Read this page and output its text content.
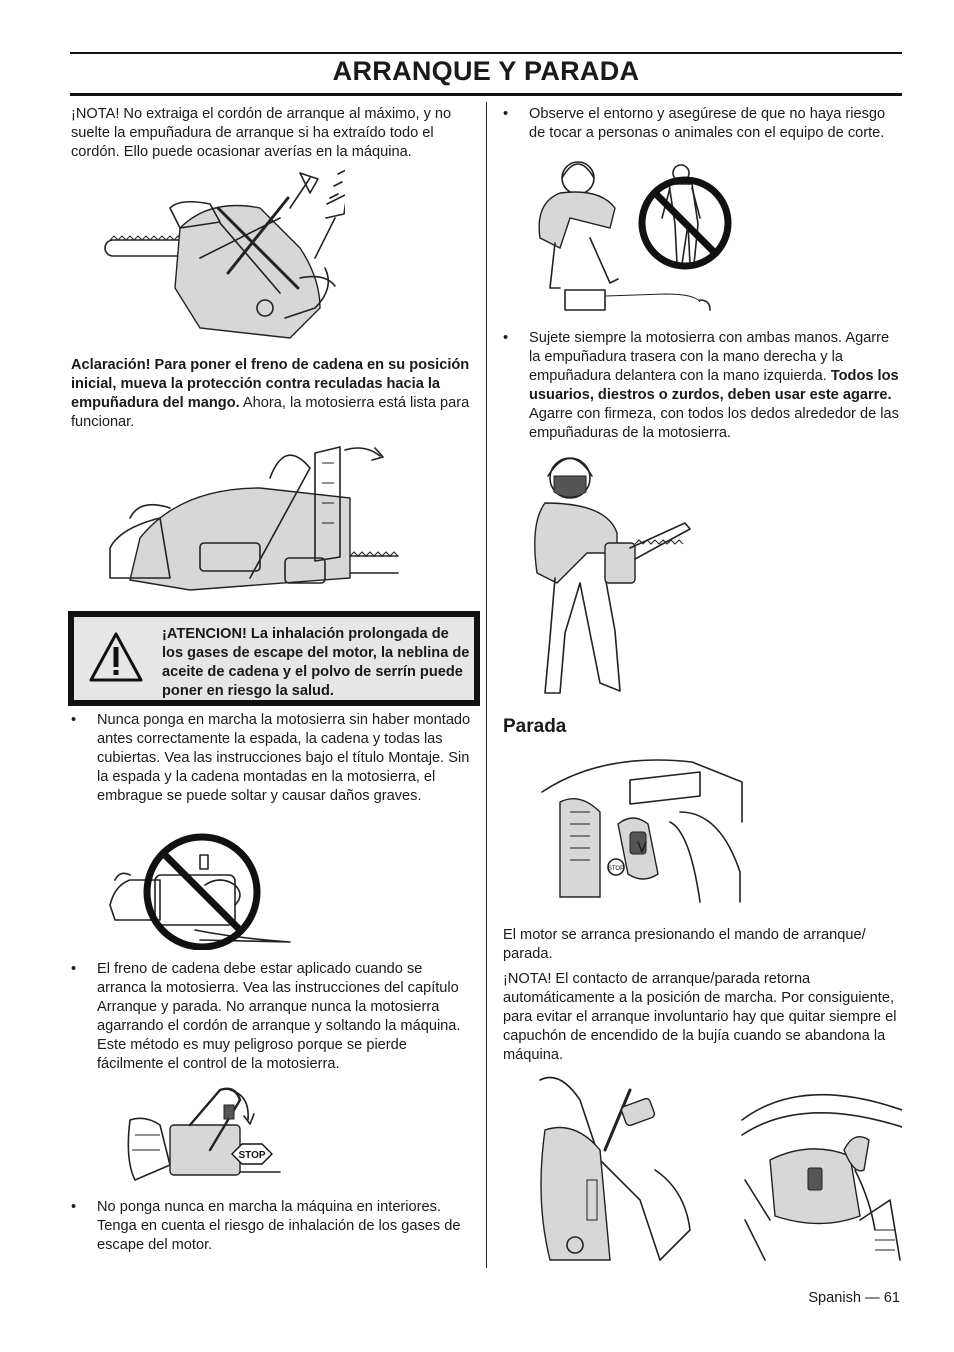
ARRANQUE Y PARADA

¡NOTA! No extraiga el cordón de arranque al máximo, y no suelte la empuñadura de arranque si ha extraído todo el cordón. Ello puede ocasionar averías en la máquina.

Aclaración! Para poner el freno de cadena en su posición inicial, mueva la protección contra reculadas hacia la empuñadura del mango. Ahora, la motosierra está lista para funcionar.

¡ATENCION! La inhalación prolongada de los gases de escape del motor, la neblina de aceite de cadena y el polvo de serrín puede poner en riesgo la salud.
• Nunca ponga en marcha la motosierra sin haber montado antes correctamente la espada, la cadena y todas las cubiertas. Vea las instrucciones bajo el título Montaje. Sin la espada y la cadena montadas en la motosierra, el embrague se puede soltar y causar daños graves.
• El freno de cadena debe estar aplicado cuando se arranca la motosierra. Vea las instrucciones del capítulo Arranque y parada. No arranque nunca la motosierra agarrando el cordón de arranque y soltando la máquina. Este método es muy peligroso porque se pierde fácilmente el control de la motosierra.
STOP
• No ponga nunca en marcha la máquina en interiores. Tenga en cuenta el riesgo de inhalación de los gases de escape del motor.
• Observe el entorno y asegúrese de que no haya riesgo de tocar a personas o animales con el equipo de corte.
• Sujete siempre la motosierra con ambas manos. Agarre la empuñadura trasera con la mano derecha y la empuñadura delantera con la mano izquierda. Todos los usuarios, diestros o zurdos, deben usar este agarre. Agarre con firmeza, con todos los dedos alrededor de las empuñaduras de la motosierra.
Parada
STOP

El motor se arranca presionando el mando de arranque/ parada.

¡NOTA! El contacto de arranque/parada retorna automáticamente a la posición de marcha. Por consiguiente, para evitar el arranque involuntario hay que quitar siempre el capuchón de encendido de la bujía cuando se abandona la máquina.

Spanish — 61
